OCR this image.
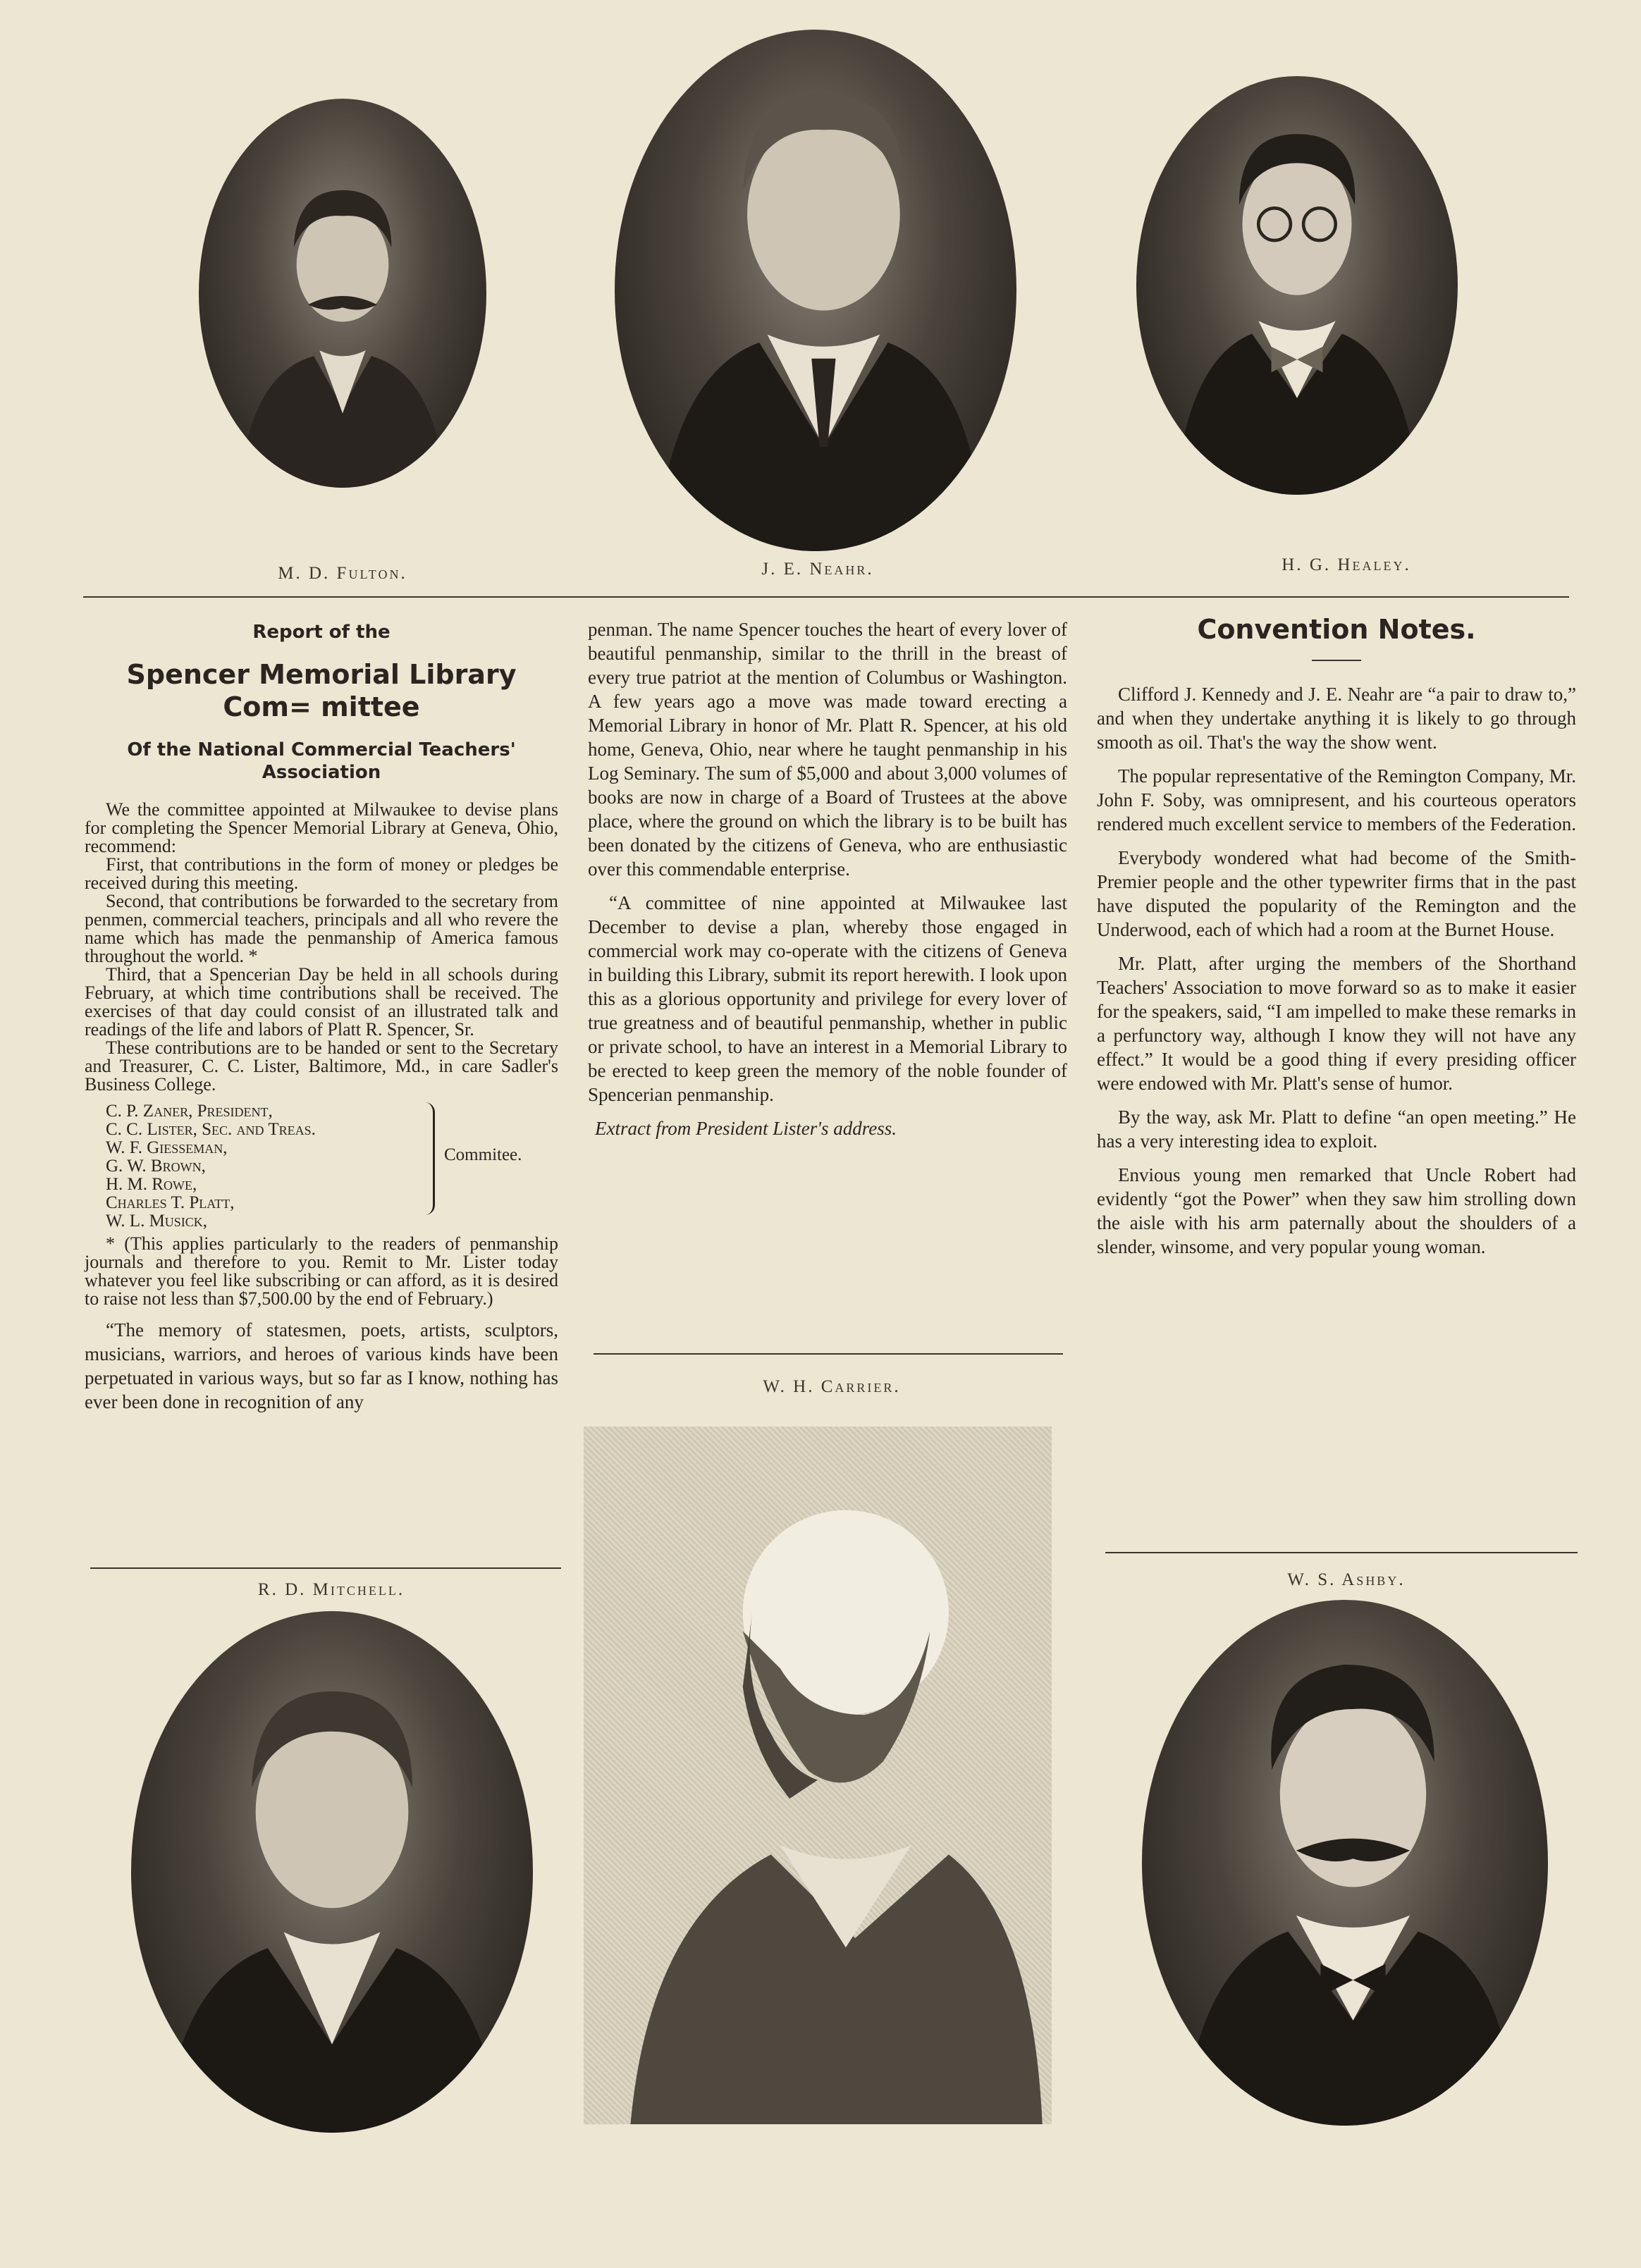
M. D. Fulton.	J. E. Neahr.	H. G. Healey.
Report of the
Spencer Memorial Library Com= mittee
Of the National Commercial Teachers' Association

We the committee appointed at Milwaukee to devise plans for completing the Spencer Memorial Library at Geneva, Ohio, recommend:

First, that contributions in the form of money or pledges be received during this meeting.

Second, that contributions be forwarded to the secretary from penmen, commercial teachers, principals and all who revere the name which has made the penmanship of America famous throughout the world. *

Third, that a Spencerian Day be held in all schools during February, at which time contributions shall be received. The exercises of that day could consist of an illustrated talk and readings of the life and labors of Platt R. Spencer, Sr.

These contributions are to be handed or sent to the Secretary and Treasurer, C. C. Lister, Baltimore, Md., in care Sadler's Business College.

C. P. Zaner, President,
C. C. Lister, Sec. and Treas.
W. F. Giesseman,
G. W. Brown,
H. M. Rowe,
Charles T. Platt,
W. L. Musick,
Commitee.

* (This applies particularly to the readers of penmanship journals and therefore to you. Remit to Mr. Lister today whatever you feel like subscribing or can afford, as it is desired to raise not less than $7,500.00 by the end of February.)

“The memory of statesmen, poets, artists, sculptors, musicians, warriors, and heroes of various kinds have been perpetuated in various ways, but so far as I know, nothing has ever been done in recognition of any

penman. The name Spencer touches the heart of every lover of beautiful penmanship, similar to the thrill in the breast of every true patriot at the mention of Columbus or Washington. A few years ago a move was made toward erecting a Memorial Library in honor of Mr. Platt R. Spencer, at his old home, Geneva, Ohio, near where he taught penmanship in his Log Seminary. The sum of $5,000 and about 3,000 volumes of books are now in charge of a Board of Trustees at the above place, where the ground on which the library is to be built has been donated by the citizens of Geneva, who are enthusiastic over this commendable enterprise.

“A committee of nine appointed at Milwaukee last December to devise a plan, whereby those engaged in commercial work may co-operate with the citizens of Geneva in building this Library, submit its report herewith. I look upon this as a glorious opportunity and privilege for every lover of true greatness and of beautiful penmanship, whether in public or private school, to have an interest in a Memorial Library to be erected to keep green the memory of the noble founder of Spencerian penmanship.

Extract from President Lister's address.

W. H. Carrier.
Convention Notes.

Clifford J. Kennedy and J. E. Neahr are “a pair to draw to,” and when they undertake anything it is likely to go through smooth as oil. That's the way the show went.

The popular representative of the Remington Company, Mr. John F. Soby, was omnipresent, and his courteous operators rendered much excellent service to members of the Federation.

Everybody wondered what had become of the Smith-Premier people and the other typewriter firms that in the past have disputed the popularity of the Remington and the Underwood, each of which had a room at the Burnet House.

Mr. Platt, after urging the members of the Shorthand Teachers' Association to move forward so as to make it easier for the speakers, said, “I am impelled to make these remarks in a perfunctory way, although I know they will not have any effect.” It would be a good thing if every presiding officer were endowed with Mr. Platt's sense of humor.

By the way, ask Mr. Platt to define “an open meeting.” He has a very interesting idea to exploit.

Envious young men remarked that Uncle Robert had evidently “got the Power” when they saw him strolling down the aisle with his arm paternally about the shoulders of a slender, winsome, and very popular young woman.

R. D. Mitchell.
W. S. Ashby.
